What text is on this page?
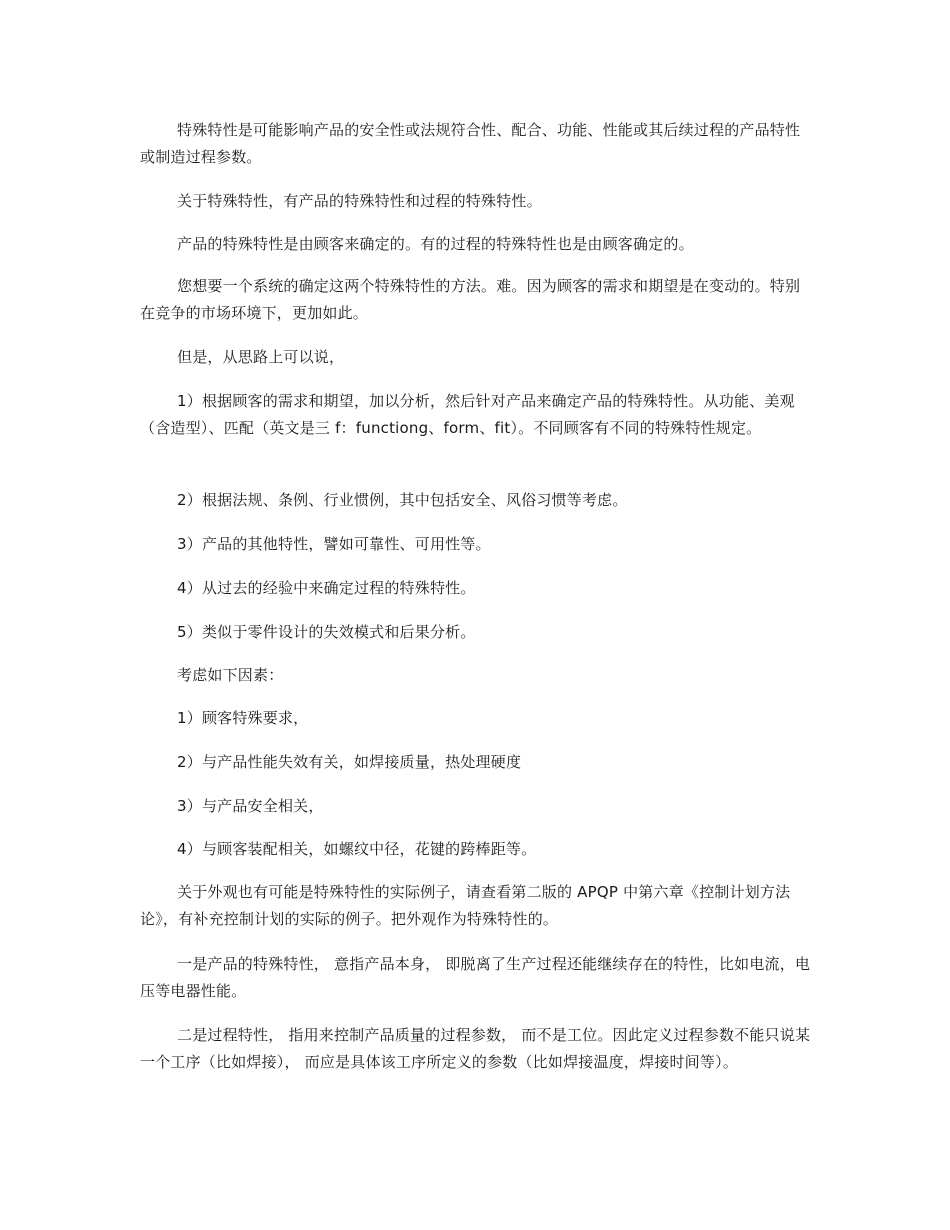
特殊特性是可能影响产品的安全性或法规符合性、配合、功能、性能或其后续过程的产品特性或制造过程参数。

关于特殊特性，有产品的特殊特性和过程的特殊特性。

产品的特殊特性是由顾客来确定的。有的过程的特殊特性也是由顾客确定的。

您想要一个系统的确定这两个特殊特性的方法。难。因为顾客的需求和期望是在变动的。特别在竞争的市场环境下，更加如此。

但是，从思路上可以说，

1）根据顾客的需求和期望，加以分析，然后针对产品来确定产品的特殊特性。从功能、美观（含造型）、匹配（英文是三 f：functiong、form、fit）。不同顾客有不同的特殊特性规定。

2）根据法规、条例、行业惯例，其中包括安全、风俗习惯等考虑。

3）产品的其他特性，譬如可靠性、可用性等。

4）从过去的经验中来确定过程的特殊特性。

5）类似于零件设计的失效模式和后果分析。

考虑如下因素：

1）顾客特殊要求，

2）与产品性能失效有关，如焊接质量，热处理硬度

3）与产品安全相关，

4）与顾客装配相关，如螺纹中径，花键的跨棒距等。

关于外观也有可能是特殊特性的实际例子，请查看第二版的 APQP 中第六章《控制计划方法论》，有补充控制计划的实际的例子。把外观作为特殊特性的。

一是产品的特殊特性， 意指产品本身， 即脱离了生产过程还能继续存在的特性，比如电流，电压等电器性能。

二是过程特性， 指用来控制产品质量的过程参数， 而不是工位。因此定义过程参数不能只说某一个工序（比如焊接）， 而应是具体该工序所定义的参数（比如焊接温度，焊接时间等）。
